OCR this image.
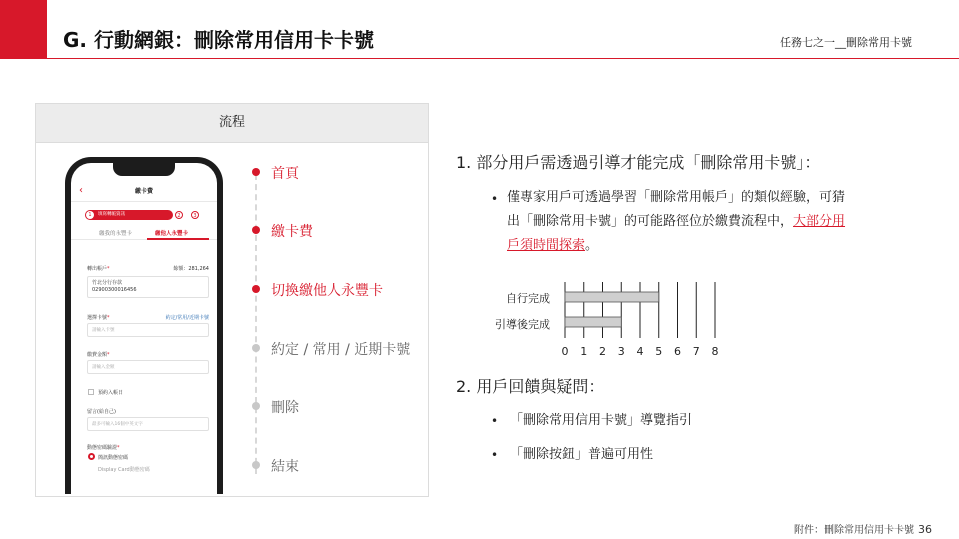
G. 行動網銀：刪除常用信用卡卡號	任務七之一__刪除常用卡號
流程
‹	繳卡費
1	填寫轉帳資訊	2	3
繳我的永豐卡	繳他人永豐卡
轉出帳戶*	餘額：281,264
竹北分行存款
02900300016456
選擇卡號*	約定/常用/近期卡號
請輸入卡號
繳費金額*
請輸入金額
預約入帳日
留言(給自己)
最多可輸入16個中英文字
動態密碼驗證*
簡訊動態密碼
Display Card動態密碼
首頁
繳卡費
切換繳他人永豐卡
約定 / 常用 / 近期卡號
刪除
結束
1. 部分用戶需透過引導才能完成「刪除常用卡號」：
• 僅專家用戶可透過學習「刪除常用帳戶」的類似經驗，可猜
出「刪除常用卡號」的可能路徑位於繳費流程中，大部分用
戶須時間探索。
自行完成
引導後完成
0 1 2 3 4 5 6 7 8
2. 用戶回饋與疑問：
• 「刪除常用信用卡號」導覽指引
• 「刪除按鈕」普遍可用性
附件：刪除常用信用卡卡號 36
